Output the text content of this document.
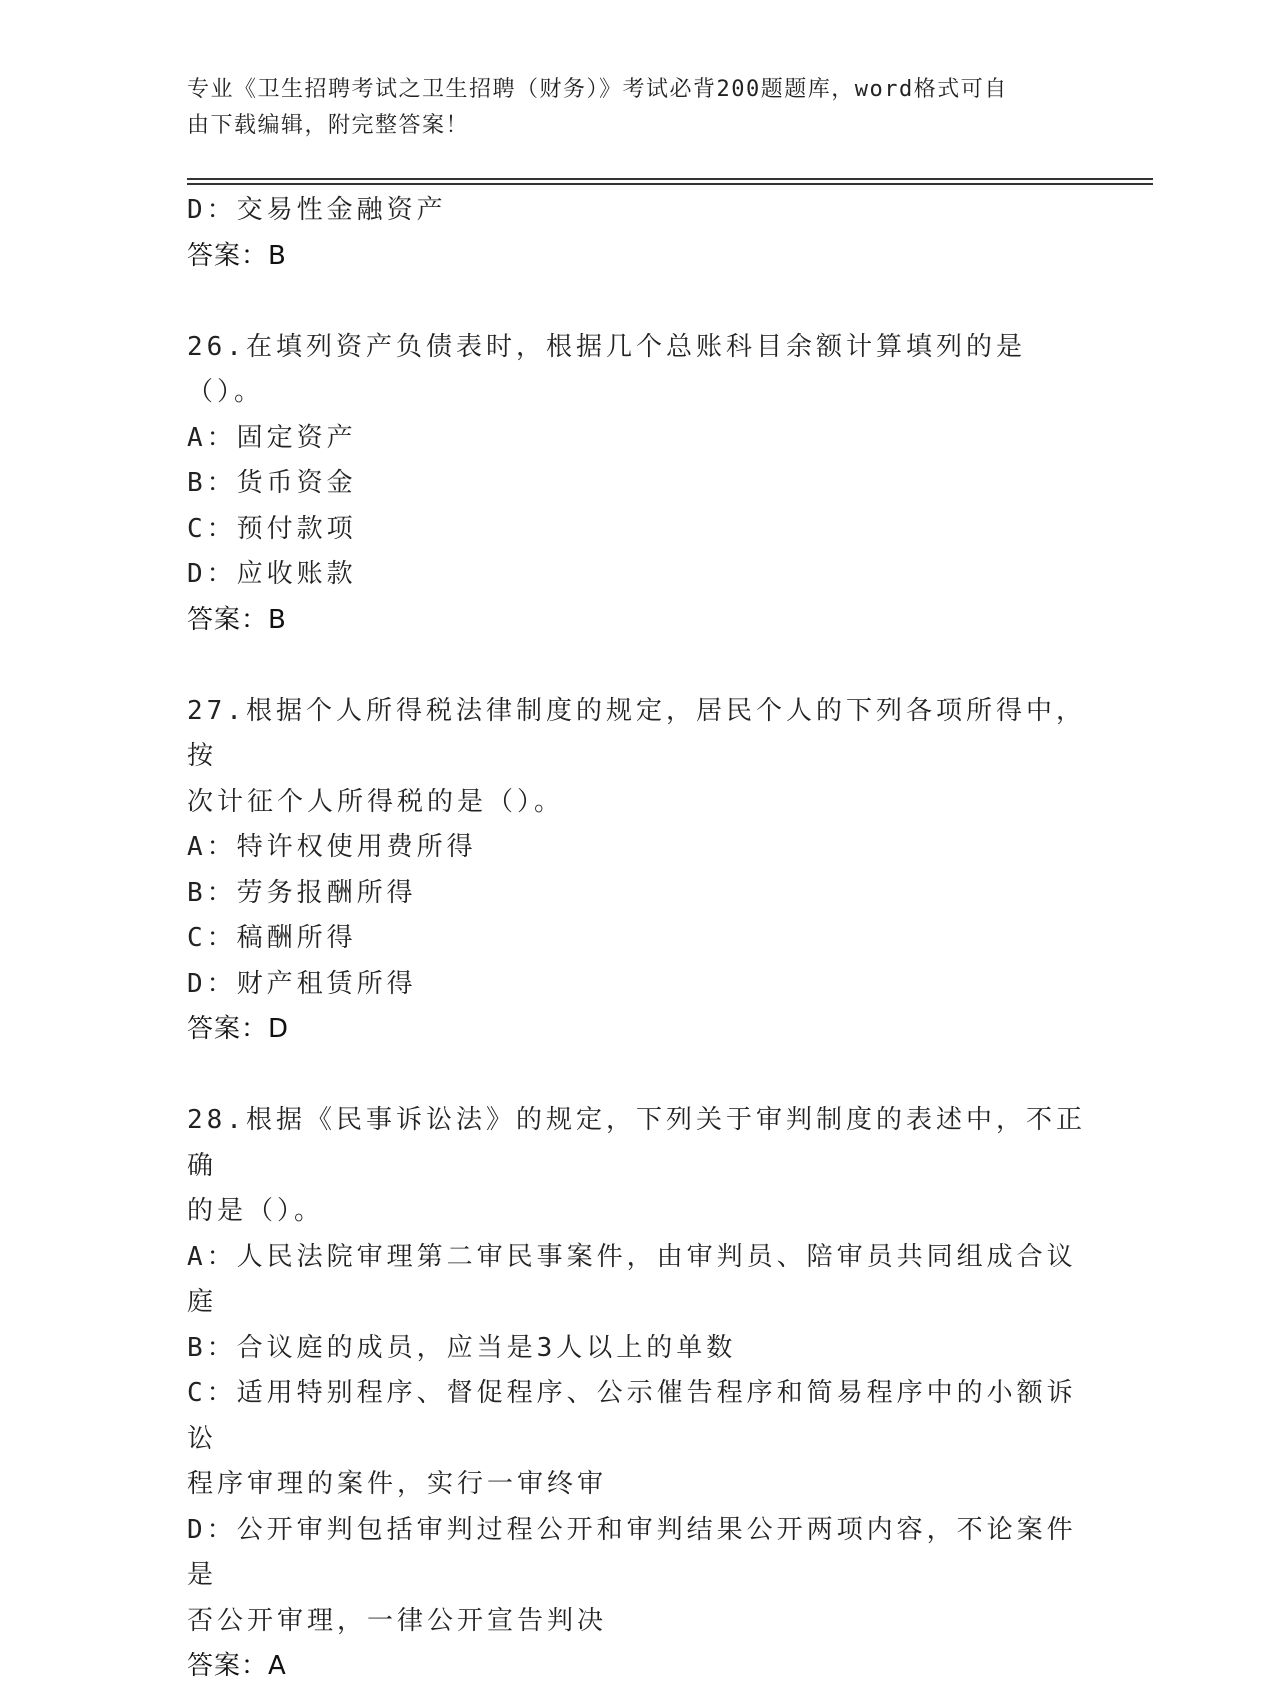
专业《卫生招聘考试之卫生招聘（财务）》考试必背200题题库，word格式可自
由下载编辑，附完整答案！
D：交易性金融资产
答案：B
26.在填列资产负债表时，根据几个总账科目余额计算填列的是（）。
A：固定资产
B：货币资金
C：预付款项
D：应收账款
答案：B
27.根据个人所得税法律制度的规定，居民个人的下列各项所得中，按
次计征个人所得税的是（）。
A：特许权使用费所得
B：劳务报酬所得
C：稿酬所得
D：财产租赁所得
答案：D
28.根据《民事诉讼法》的规定，下列关于审判制度的表述中，不正确
的是（）。
A：人民法院审理第二审民事案件，由审判员、陪审员共同组成合议庭
B：合议庭的成员，应当是3人以上的单数
C：适用特别程序、督促程序、公示催告程序和简易程序中的小额诉讼
程序审理的案件，实行一审终审
D：公开审判包括审判过程公开和审判结果公开两项内容，不论案件是
否公开审理，一律公开宣告判决
答案：A
